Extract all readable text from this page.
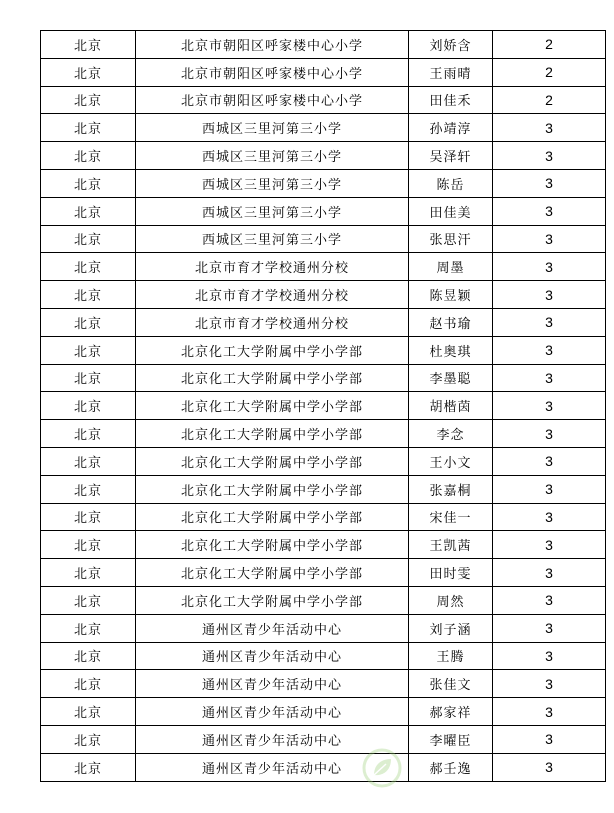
北京	北京市朝阳区呼家楼中心小学	刘娇含	2
北京	北京市朝阳区呼家楼中心小学	王雨晴	2
北京	北京市朝阳区呼家楼中心小学	田佳禾	2
北京	西城区三里河第三小学	孙靖淳	3
北京	西城区三里河第三小学	吴泽轩	3
北京	西城区三里河第三小学	陈岳	3
北京	西城区三里河第三小学	田佳美	3
北京	西城区三里河第三小学	张思汗	3
北京	北京市育才学校通州分校	周墨	3
北京	北京市育才学校通州分校	陈昱颖	3
北京	北京市育才学校通州分校	赵书瑜	3
北京	北京化工大学附属中学小学部	杜奥琪	3
北京	北京化工大学附属中学小学部	李墨聪	3
北京	北京化工大学附属中学小学部	胡楷茵	3
北京	北京化工大学附属中学小学部	李念	3
北京	北京化工大学附属中学小学部	王小文	3
北京	北京化工大学附属中学小学部	张嘉桐	3
北京	北京化工大学附属中学小学部	宋佳一	3
北京	北京化工大学附属中学小学部	王凯茜	3
北京	北京化工大学附属中学小学部	田时雯	3
北京	北京化工大学附属中学小学部	周然	3
北京	通州区青少年活动中心	刘子涵	3
北京	通州区青少年活动中心	王腾	3
北京	通州区青少年活动中心	张佳文	3
北京	通州区青少年活动中心	郝家祥	3
北京	通州区青少年活动中心	李曜臣	3
北京	通州区青少年活动中心	郝壬逸	3
